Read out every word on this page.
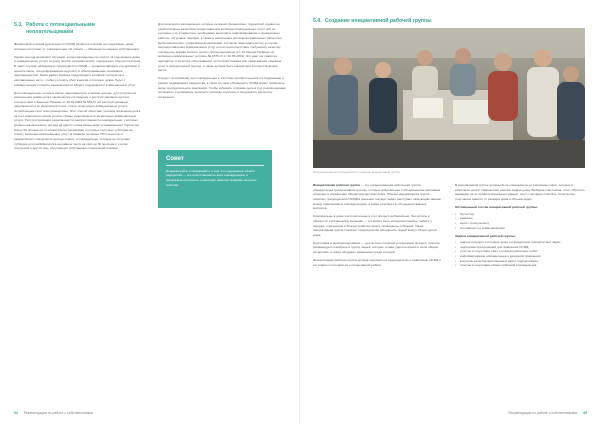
5.3. Работа с потенциальными неплательщиками

Финансовой основой деятельности ОСМД являются платежи на содержание дома, которые поступают от совладельцев. Их уплата — обязанность каждого собственника.

Однако иногда возникают ситуации, когда совладельцы не платят за содержание дома и коммунальные услуги по ряду причин (экономических, социальных, психологических). В таких случаях обязанность председателя ОСМД — проанализировать эти причины и принять меры, предотвращающие неуплату и обеспечивающие понимание задолженностей. Также важно заранее предупредить конфликт интересов и, направленные на то, чтобы улучшить сбор взносов и платежи, нужно будет с совладельцами погасить задолженности общего содержания и коммунальных услуг.

Для совладельцев, которые имеют задолженность и низкие доходы, для получателя уменьшения суммы долга заключается соглашение о реструктуризации долга в соответствии с Законом Украины от 20.02.2003 № 554-IV «О реструктуризации задолженности по квартирной плате, плате за жилищно-коммунальные услуги, потребленные газ и электроэнергию». Этот способ облегчает условия погашения долга за счет изменения сроков уплаты суммы задолженности за жилищно-коммунальные услуги. Реструктуризация задолженности распространяется совладельцев, у которых уровень ежемесячного дохода на одного члена семьи ниже установленного порога (не более 50 процентов от прожиточного минимума) и которые получают субсидии на оплату жилищно-коммунальных услуг (в размере не менее 25 процентов от ежемесячного совокупного дохода семьи), и совладельцы, которые не получают субсидии для разбивки долга на равные части на срок до 60 месяцев с учетом получения и других лиц, получающих собственных социальной помощи.

Для категории совладельцев, которые не имеют финансовых трудностей, однако не удовлетворены качеством предоставления жилищно-коммунальных услуг или не согласны с их стоимостью, необходимо выполнить информирование о проведенных работах, об уровне тарифов, а также в заключении договоров правильных расчетов и выполнения работ управляющей компанией. Согласно законодательству, в случае непредоставления коммунальных услуг или их несоответствия требуемому качеству, совладелец вправе снизить оплату пропорционально (ст. 10 Закона Украины «О жилищно-коммунальных услугах» № 1875-IV от 24.06.2004). Это дает им право на перерасчет в качестве обслуживания, если приостановка или прекращение оказания услуг в определенный период, а также должна быть оформлена соответствующим актом.

Следует по-прежнему для совладельцев в злостных неплательщиков на содержание и ремонт недвижимого имущества, в таких случаях обязанность ОСМД может применить меры принудительного взыскания. Чтобы избежать отправки дела в суд, рекомендовано поговорить с должником, выяснить причины неуплаты и предложить рассрочку погашения.

Совет
Информируйте и напоминайте о том, что содержание общего имущества — это ответственность всех совладельцев, и прозрачная отчетность о расходах помогает вовремя получать платежи.
94 Рекомендации по работе с собственниками
5.4. Создание инициативной рабочей группы
Консультирование сотрудников по созданию инициативной группы

Инициативная рабочая группа — это организованная небольшая группа совладельцев (инициативная группа), которые добровольно и объединенные желанием помогают в управлении общим имуществом дома. Обычно инициативная группа помогает председателю ОСМД в решении текущих задач, выступает связующим звеном между правлением и совладельцами, а также участвует в обсуждении важных вопросов.

Совладельцы в доме часто включены в этот процесс добровольно, без оплаты и обычно по собственному желанию — это может быть соседская помощь, забота о порядке, озеленение и благоустройство двора, проведение собраний. Такая инициативная группа помогает председателю объединить людей вокруг общих целей дома.

Подготовка и функционирование — достаточно сложный и серьезный процесс, поэтому рекомендуется выбрать в группу людей, которые готовы уделять время и силы общим интересам, а также обладают уважением среди соседей.

Инициативная рабочая группа должна подчиняться председателю и правлению ОСМД и регулярно отчитываться о проделанной работе.

В инициативной группе должны быть специалисты из различных сфер, которые в комплексе смогут эффективно решать задачи дома. Выбирая участников, стоит обратить внимание на их профессиональные навыки, опыт и желание помогать. Количество участников зависит от размера дома и объема задач.

Оптимальный состав инициативной рабочей группы:
• бухгалтер,
• инженер,
• юрист (консультант),
• специалист по коммуникациям.
Задачи инициативной рабочей группы:
• анализ текущего состояния дома и определение приоритетных задач;
• подготовка предложений для правления ОСМД;
• участие в подготовке смет и планов ремонтных работ;
• информирование совладельцев о решениях правления;
• контроль качества выполненных работ подрядчиками;
• участие в подготовке общих собраний совладельцев.
Рекомендации по работе с собственниками 95
